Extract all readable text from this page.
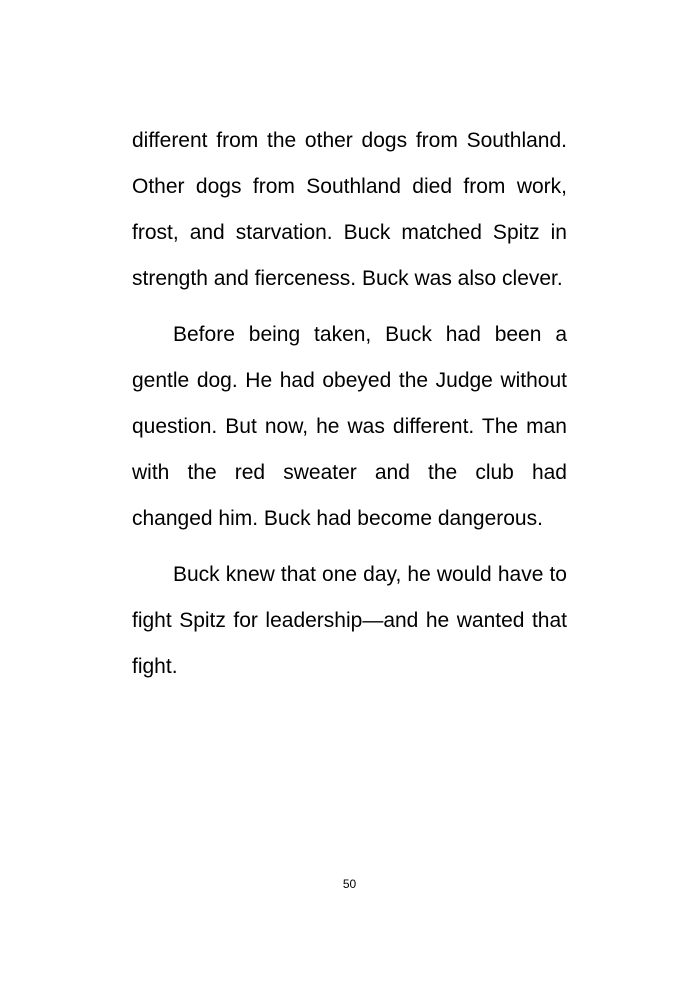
different from the other dogs from Southland. Other dogs from Southland died from work, frost, and starvation. Buck matched Spitz in strength and fierceness. Buck was also clever.

Before being taken, Buck had been a gentle dog. He had obeyed the Judge without question. But now, he was different. The man with the red sweater and the club had changed him. Buck had become dangerous.

Buck knew that one day, he would have to fight Spitz for leadership—and he wanted that fight.

50
